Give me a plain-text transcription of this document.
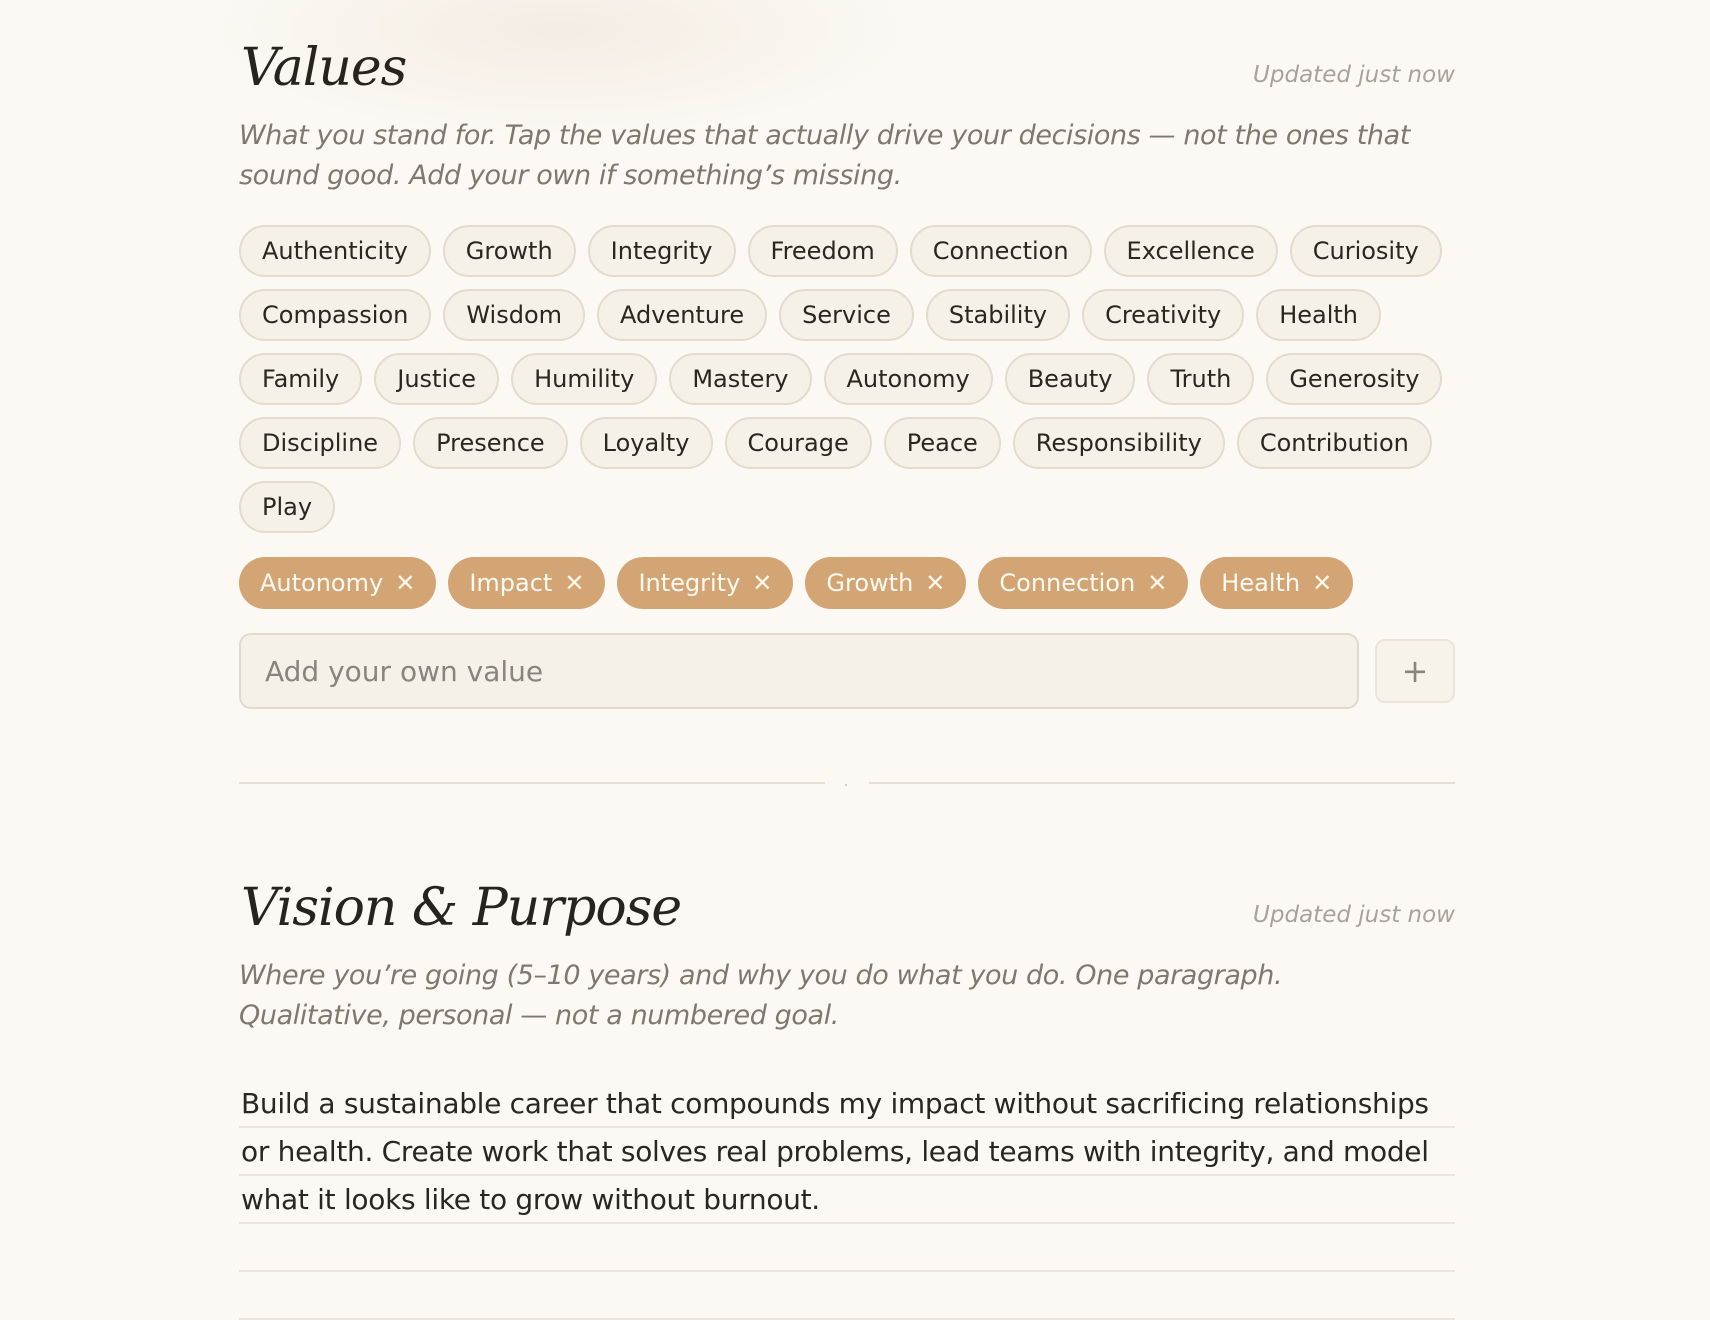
Values	Updated just now

What you stand for. Tap the values that actually drive your decisions — not the ones that sound good. Add your own if something’s missing.

Authenticity	Growth	Integrity	Freedom	Connection	Excellence	Curiosity
Compassion	Wisdom	Adventure	Service	Stability	Creativity	Health
Family	Justice	Humility	Mastery	Autonomy	Beauty	Truth	Generosity
Discipline	Presence	Loyalty	Courage	Peace	Responsibility	Contribution
Play
Autonomy ✕ Impact ✕ Integrity ✕ Growth ✕ Connection ✕ Health ✕
Add your own value
+
Vision & Purpose	Updated just now

Where you’re going (5–10 years) and why you do what you do. One paragraph. Qualitative, personal — not a numbered goal.

Build a sustainable career that compounds my impact without sacrificing relationships or health. Create work that solves real problems, lead teams with integrity, and model what it looks like to grow without burnout.
